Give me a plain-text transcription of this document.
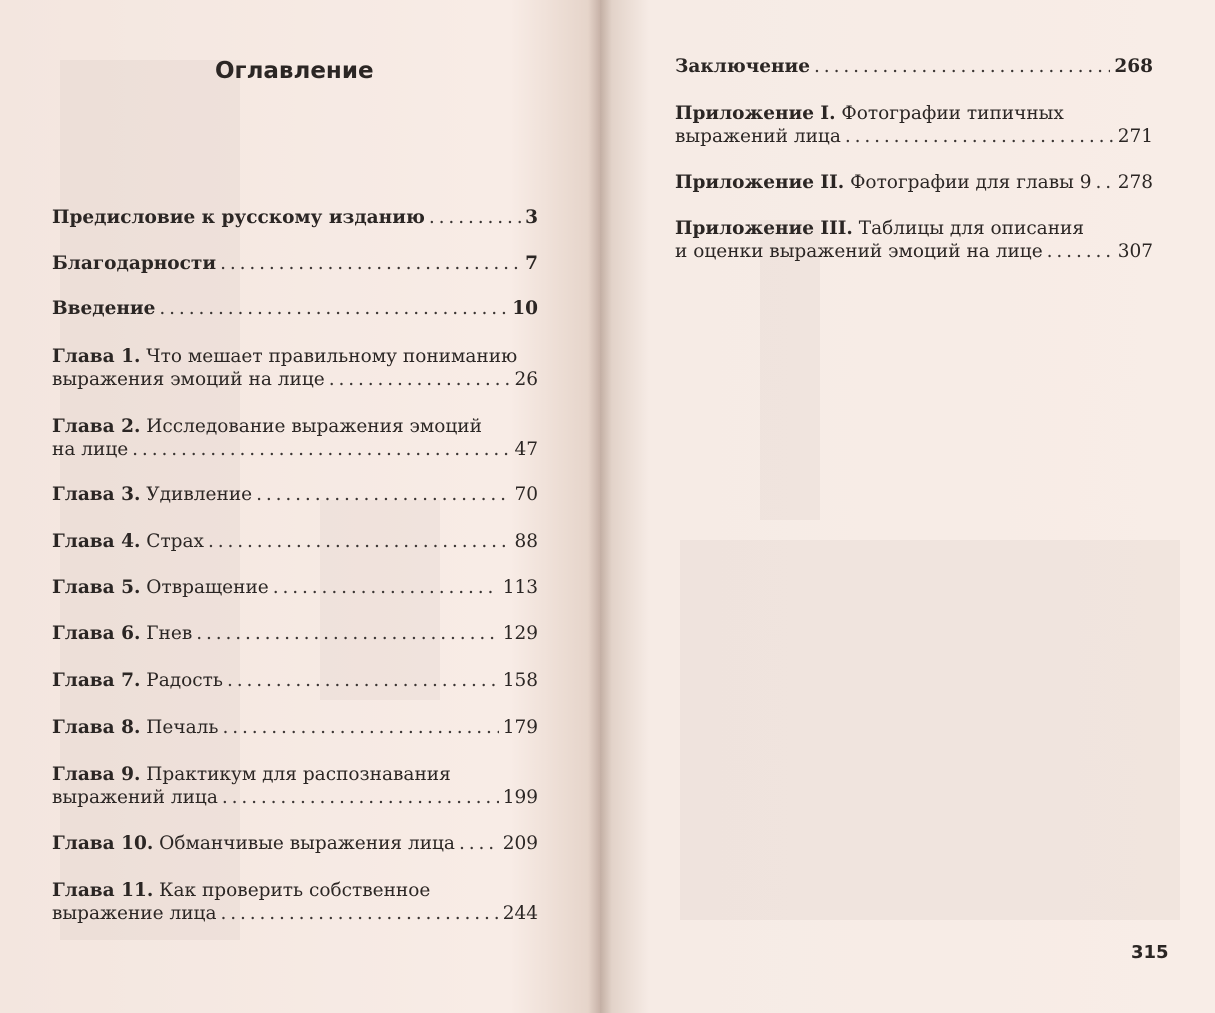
Оглавление
Предисловие к русскому изданию . . .	3
Благодарности . . .	7
Введение . . .	10
Глава 1. Что мешает правильному пониманию
выражения эмоций на лице . . .	26
Глава 2. Исследование выражения эмоций
на лице . . .	47
Глава 3. Удивление . . .	70
Глава 4. Страх . . .	88
Глава 5. Отвращение . . .	113
Глава 6. Гнев . . .	129
Глава 7. Радость . . .	158
Глава 8. Печаль . . .	179
Глава 9. Практикум для распознавания
выражений лица . . .	199
Глава 10. Обманчивые выражения лица . . .	209
Глава 11. Как проверить собственное
выражение лица . . .	244
Заключение . . .	268
Приложение I. Фотографии типичных
выражений лица . . .	271
Приложение II. Фотографии для главы 9 . . . 278
Приложение III. Таблицы для описания
и оценки выражений эмоций на лице . . .	307
315
